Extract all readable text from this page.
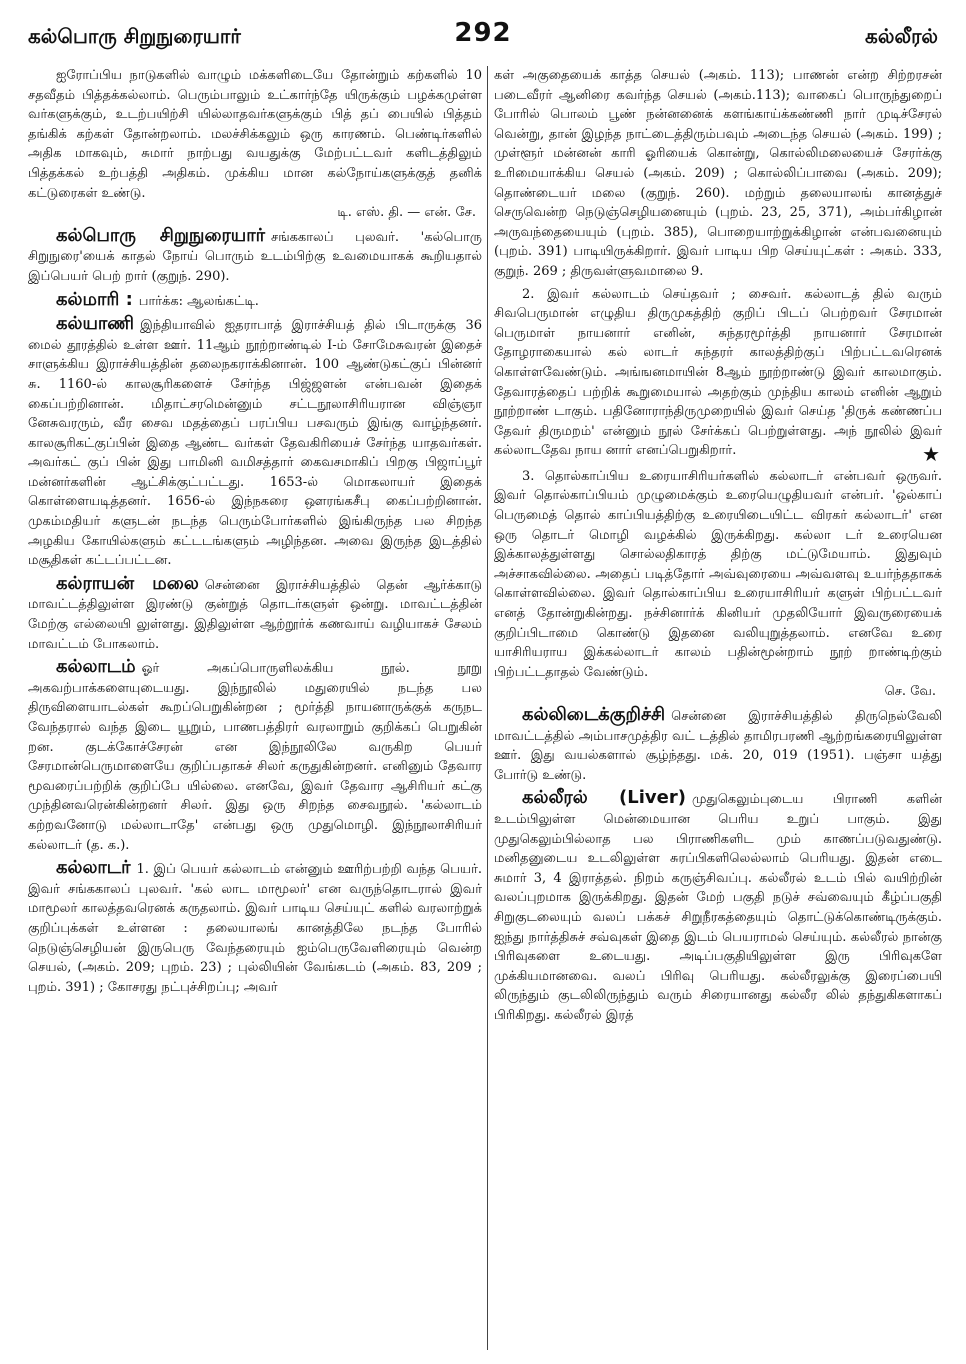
கல்பொரு சிறுநுரையார்	292	கல்லீரல்

ஐரோப்பிய நாடுகளில் வாழும் மக்களிடையே தோன்றும் கற்களில் 10 சதவீதம் பித்தக்கல்லாம். பெரும்பாலும் உட்கார்ந்தே யிருக்கும் பழக்கமுள்ள வர்களுக்கும், உடற்பயிற்சி யில்லாதவர்களுக்கும் பித் தப் பையில் பித்தம் தங்கிக் கற்கள் தோன்றலாம். மலச்சிக்கலும் ஒரு காரணம். பெண்டிர்களில் அதிக மாகவும், சுமார் நாற்பது வயதுக்கு மேற்பட்டவர் களிடத்திலும் பித்தக்கல் உற்பத்தி அதிகம். முக்கிய மான கல்நோய்களுக்குத் தனிக் கட்டுரைகள் உண்டு.

டி. எஸ். தி. — என். சே.

கல்பொரு சிறுநுரையார் சங்ககாலப் புலவர். 'கல்பொரு சிறுநுரை'யைக் காதல் நோய் பொரும் உடம்பிற்கு உவமையாகக் கூறியதால் இப்பெயர் பெற் றார் (குறுந். 290).

கல்மாரி : பார்க்க: ஆலங்கட்டி.

கல்யாணி இந்தியாவில் ஐதராபாத் இராச்சியத் தில் பிடாருக்கு 36 மைல் தூரத்தில் உள்ள ஊர். 11ஆம் நூற்றாண்டில் I-ம் சோமேசுவரன் இதைச் சாளுக்கிய இராச்சியத்தின் தலைநகராக்கினான். 100 ஆண்டுகட்குப் பின்னர் சு. 1160-ல் காலசூரிகளைச் சேர்ந்த பிஜ்ஜளன் என்பவன் இதைக் கைப்பற்றினான். மிதாட்சரமென்னும் சட்டநூலாசிரியரான விஞ்ஞா னேசுவரரும், வீர சைவ மதத்தைப் பரப்பிய பசவரும் இங்கு வாழ்ந்தனர். காலசூரிகட்குப்பின் இதை ஆண்ட வர்கள் தேவகிரியைச் சேர்ந்த யாதவர்கள். அவர்கட் குப் பின் இது பாமினி வமிசத்தார் கைவசமாகிப் பிறகு பிஜாப்பூர் மன்னர்களின் ஆட்சிக்குட்பட்டது. 1653-ல் மொகலாயர் இதைக் கொள்ளையடித்தனர். 1656-ல் இந்நகரை ஔரங்கசீபு கைப்பற்றினான். முகம்மதியர் களுடன் நடந்த பெரும்போர்களில் இங்கிருந்த பல சிறந்த அழகிய கோயில்களும் கட்டடங்களும் அழிந்தன. அவை இருந்த இடத்தில் மசூதிகள் கட்டப்பட்டன.

கல்ராயன் மலை சென்னை இராச்சியத்தில் தென் ஆர்க்காடு மாவட்டத்திலுள்ள இரண்டு குன்றுத் தொடர்களுள் ஒன்று. மாவட்டத்தின் மேற்கு எல்லையி லுள்ளது. இதிலுள்ள ஆற்றூர்க் கணவாய் வழியாகச் சேலம் மாவட்டம் போகலாம்.

கல்லாடம் ஓர் அகப்பொருளிலக்கிய நூல். நூறு அகவற்பாக்களையுடையது. இந்நூலில் மதுரையில் நடந்த பல திருவிளையாடல்கள் கூறப்பெறுகின்றன ; மூர்த்தி நாயனாருக்குக் கருநட வேந்தரால் வந்த இடை யூறும், பாணபத்திரர் வரலாறும் குறிக்கப் பெறுகின் றன. குடக்கோச்சேரன் என இந்நூலிலே வருகிற பெயர் சேரமான்பெருமாளையே குறிப்பதாகச் சிலர் கருதுகின்றனர். எனினும் தேவார மூவரைப்பற்றிக் குறிப்பே யில்லை. எனவே, இவர் தேவார ஆசிரியர் கட்கு முந்தினவரென்கின்றனர் சிலர். இது ஒரு சிறந்த சைவநூல். 'கல்லாடம் கற்றவனோடு மல்லாடாதே' என்பது ஒரு முதுமொழி. இந்நூலாசிரியர் கல்லாடர் (த. க.).

கல்லாடர் 1. இப் பெயர் கல்லாடம் என்னும் ஊரிற்பற்றி வந்த பெயர். இவர் சங்ககாலப் புலவர். 'கல் லாட மாமூலர்' என வருந்தொடரால் இவர் மாமூலர் காலத்தவரெனக் கருதலாம். இவர் பாடிய செய்யுட் களில் வரலாற்றுக் குறிப்புக்கள் உள்ளன : தலையாலங் கானத்திலே நடந்த போரில் நெடுஞ்செழியன் இருபெரு வேந்தரையும் ஐம்பெருவேளிரையும் வென்ற செயல், (அகம். 209; புறம். 23) ; புல்லியின் வேங்கடம் (அகம். 83, 209 ; புறம். 391) ; கோசரது நட்புச்சிறப்பு; அவர்

கள் அகுதையைக் காத்த செயல் (அகம். 113); பாணன் என்ற சிற்றரசன் படைவீரர் ஆனிரை கவர்ந்த செயல் (அகம்.113); வாகைப் பொருந்துறைப் போரில் பொலம் பூண் நன்னனைக் களங்காய்க்கண்ணி நார் முடிச்சேரல் வென்று, தான் இழந்த நாட்டைத்திரும்பவும் அடைந்த செயல் (அகம். 199) ; முள்ளூர் மன்னன் காரி ஓரியைக் கொன்று, கொல்லிமலையைச் சேரர்க்கு உரிமையாக்கிய செயல் (அகம். 209) ; கொல்லிப்பாவை (அகம். 209); தொண்டையர் மலை (குறுந். 260). மற்றும் தலையாலங் கானத்துச் செருவென்ற நெடுஞ்செழியனையும் (புறம். 23, 25, 371), அம்பர்கிழான் அருவந்தையையும் (புறம். 385), பொறையாற்றுக்கிழான் என்பவனையும் (புறம். 391) பாடியிருக்கிறார். இவர் பாடிய பிற செய்யுட்கள் : அகம். 333, குறுந். 269 ; திருவள்ளுவமாலை 9.

2. இவர் கல்லாடம் செய்தவர் ; சைவர். கல்லாடத் தில் வரும் சிவபெருமான் எழுதிய திருமுகத்திற் குறிப் பிடப் பெற்றவர் சேரமான் பெருமாள் நாயனார் எனின், சுந்தரமூர்த்தி நாயனார் சேரமான் தோழராகையால் கல் லாடர் சுந்தரர் காலத்திற்குப் பிற்பட்டவரெனக் கொள்ளவேண்டும். அங்ஙனமாயின் 8ஆம் நூற்றாண்டு இவர் காலமாகும். தேவாரத்தைப் பற்றிக் கூறுமையால் அதற்கும் முந்திய காலம் எனின் ஆறும் நூற்றாண் டாகும். பதினோராந்திருமுறையில் இவர் செய்த 'திருக் கண்ணப்ப தேவர் திருமறம்' என்னும் நூல் சேர்க்கப் பெற்றுள்ளது. அந் நூலில் இவர் கல்லாடதேவ நாய னார் எனப்பெறுகிறார்.	★

3. தொல்காப்பிய உரையாசிரியர்களில் கல்லாடர் என்பவர் ஒருவர். இவர் தொல்காப்பியம் முழுமைக்கும் உரையெழுதியவர் என்பர். 'ஒல்காப் பெருமைத் தொல் காப்பியத்திற்கு உரையிடையிட்ட விரகர் கல்லாடர்' என ஒரு தொடர் மொழி வழக்கில் இருக்கிறது. கல்லா டர் உரையென இக்காலத்துள்ளது சொல்லதிகாரத் திற்கு மட்டுமேயாம். இதுவும் அச்சாகவில்லை. அதைப் படித்தோர் அவ்வுரையை அவ்வளவு உயர்ந்ததாகக் கொள்ளவில்லை. இவர் தொல்காப்பிய உரையாசிரியர் களுள் பிற்பட்டவர் எனத் தோன்றுகின்றது. நச்சினார்க் கினியர் முதலியோர் இவருரையைக் குறிப்பிடாமை கொண்டு இதனை வலியுறுத்தலாம். எனவே உரை யாசிரியராய இக்கல்லாடர் காலம் பதின்மூன்றாம் நூற் றாண்டிற்கும் பிற்பட்டதாதல் வேண்டும்.

செ. வே.

கல்லிடைக்குறிச்சி சென்னை இராச்சியத்தில் திருநெல்வேலி மாவட்டத்தில் அம்பாசமுத்திர வட் டத்தில் தாமிரபரணி ஆற்றங்கரையிலுள்ள ஊர். இது வயல்களால் சூழ்ந்தது. மக். 20, 019 (1951). பஞ்சா யத்து போர்டு உண்டு.

கல்லீரல் (Liver) முதுகெலும்புடைய பிராணி களின் உடம்பிலுள்ள மென்மையான பெரிய உறுப் பாகும். இது முதுகெலும்பில்லாத பல பிராணிகளிட மும் காணப்படுவதுண்டு. மனிதனுடைய உடலிலுள்ள சுரப்பிகளிலெல்லாம் பெரியது. இதன் எடை சுமார் 3, 4 இராத்தல். நிறம் கருஞ்சிவப்பு. கல்லீரல் உடம் பில் வயிற்றின் வலப்புறமாக இருக்கிறது. இதன் மேற் பகுதி நடுச் சவ்வையும் கீழ்ப்பகுதி சிறுகுடலையும் வலப் பக்கச் சிறுநீரகத்தையும் தொட்டுக்கொண்டிருக்கும். ஐந்து நார்த்திசுச் சவ்வுகள் இதை இடம் பெயராமல் செய்யும். கல்லீரல் நான்கு பிரிவுகளை உடையது. அடிப்பகுதியிலுள்ள இரு பிரிவுகளே முக்கியமானவை. வலப் பிரிவு பெரியது. கல்லீரலுக்கு இரைப்பையி லிருந்தும் குடலிலிருந்தும் வரும் சிரையானது கல்லீர லில் தந்துகிகளாகப் பிரிகிறது. கல்லீரல் இரத்
